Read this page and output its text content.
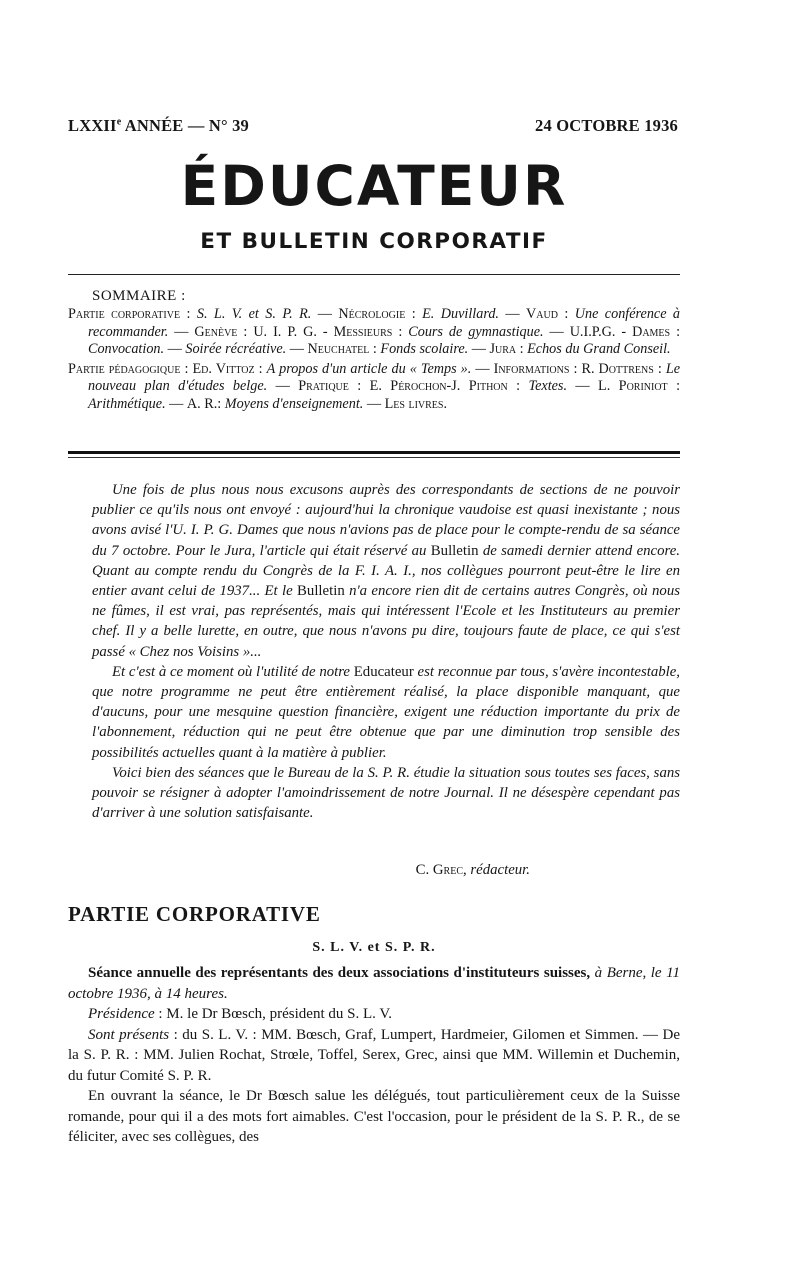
LXXIIe ANNÉE — N° 39	24 OCTOBRE 1936
ÉDUCATEUR
ET BULLETIN CORPORATIF
SOMMAIRE :

Partie corporative : S. L. V. et S. P. R. — Nécrologie : E. Duvillard. — Vaud : Une conférence à recommander. — Genève : U. I. P. G. - Messieurs : Cours de gymnastique. — U.I.P.G. - Dames : Convocation. — Soirée récréative. — Neuchatel : Fonds scolaire. — Jura : Echos du Grand Conseil.

Partie pédagogique : Ed. Vittoz : A propos d'un article du « Temps ». — Informations : R. Dottrens : Le nouveau plan d'études belge. — Pratique : E. Pérochon-J. Pithon : Textes. — L. Poriniot : Arithmétique. — A. R.: Moyens d'enseignement. — Les livres.

Une fois de plus nous nous excusons auprès des correspondants de sections de ne pouvoir publier ce qu'ils nous ont envoyé : aujourd'hui la chronique vaudoise est quasi inexistante ; nous avons avisé l'U. I. P. G. Dames que nous n'avions pas de place pour le compte-rendu de sa séance du 7 octobre. Pour le Jura, l'article qui était réservé au Bulletin de samedi dernier attend encore. Quant au compte rendu du Congrès de la F. I. A. I., nos collègues pourront peut-être le lire en entier avant celui de 1937... Et le Bulletin n'a encore rien dit de certains autres Congrès, où nous ne fûmes, il est vrai, pas représentés, mais qui intéressent l'Ecole et les Instituteurs au premier chef. Il y a belle lurette, en outre, que nous n'avons pu dire, toujours faute de place, ce qui s'est passé « Chez nos Voisins »...

Et c'est à ce moment où l'utilité de notre Educateur est reconnue par tous, s'avère incontestable, que notre programme ne peut être entièrement réalisé, la place disponible manquant, que d'aucuns, pour une mesquine question financière, exigent une réduction importante du prix de l'abonnement, réduction qui ne peut être obtenue que par une diminution trop sensible des possibilités actuelles quant à la matière à publier.

Voici bien des séances que le Bureau de la S. P. R. étudie la situation sous toutes ses faces, sans pouvoir se résigner à adopter l'amoindrissement de notre Journal. Il ne désespère cependant pas d'arriver à une solution satisfaisante.

C. Grec, rédacteur.
PARTIE CORPORATIVE
S. L. V. et S. P. R.

Séance annuelle des représentants des deux associations d'instituteurs suisses, à Berne, le 11 octobre 1936, à 14 heures.

Présidence : M. le Dr Bœsch, président du S. L. V.

Sont présents : du S. L. V. : MM. Bœsch, Graf, Lumpert, Hardmeier, Gilomen et Simmen. — De la S. P. R. : MM. Julien Rochat, Strœle, Toffel, Serex, Grec, ainsi que MM. Willemin et Duchemin, du futur Comité S. P. R.

En ouvrant la séance, le Dr Bœsch salue les délégués, tout particulièrement ceux de la Suisse romande, pour qui il a des mots fort aimables. C'est l'occasion, pour le président de la S. P. R., de se féliciter, avec ses collègues, des
